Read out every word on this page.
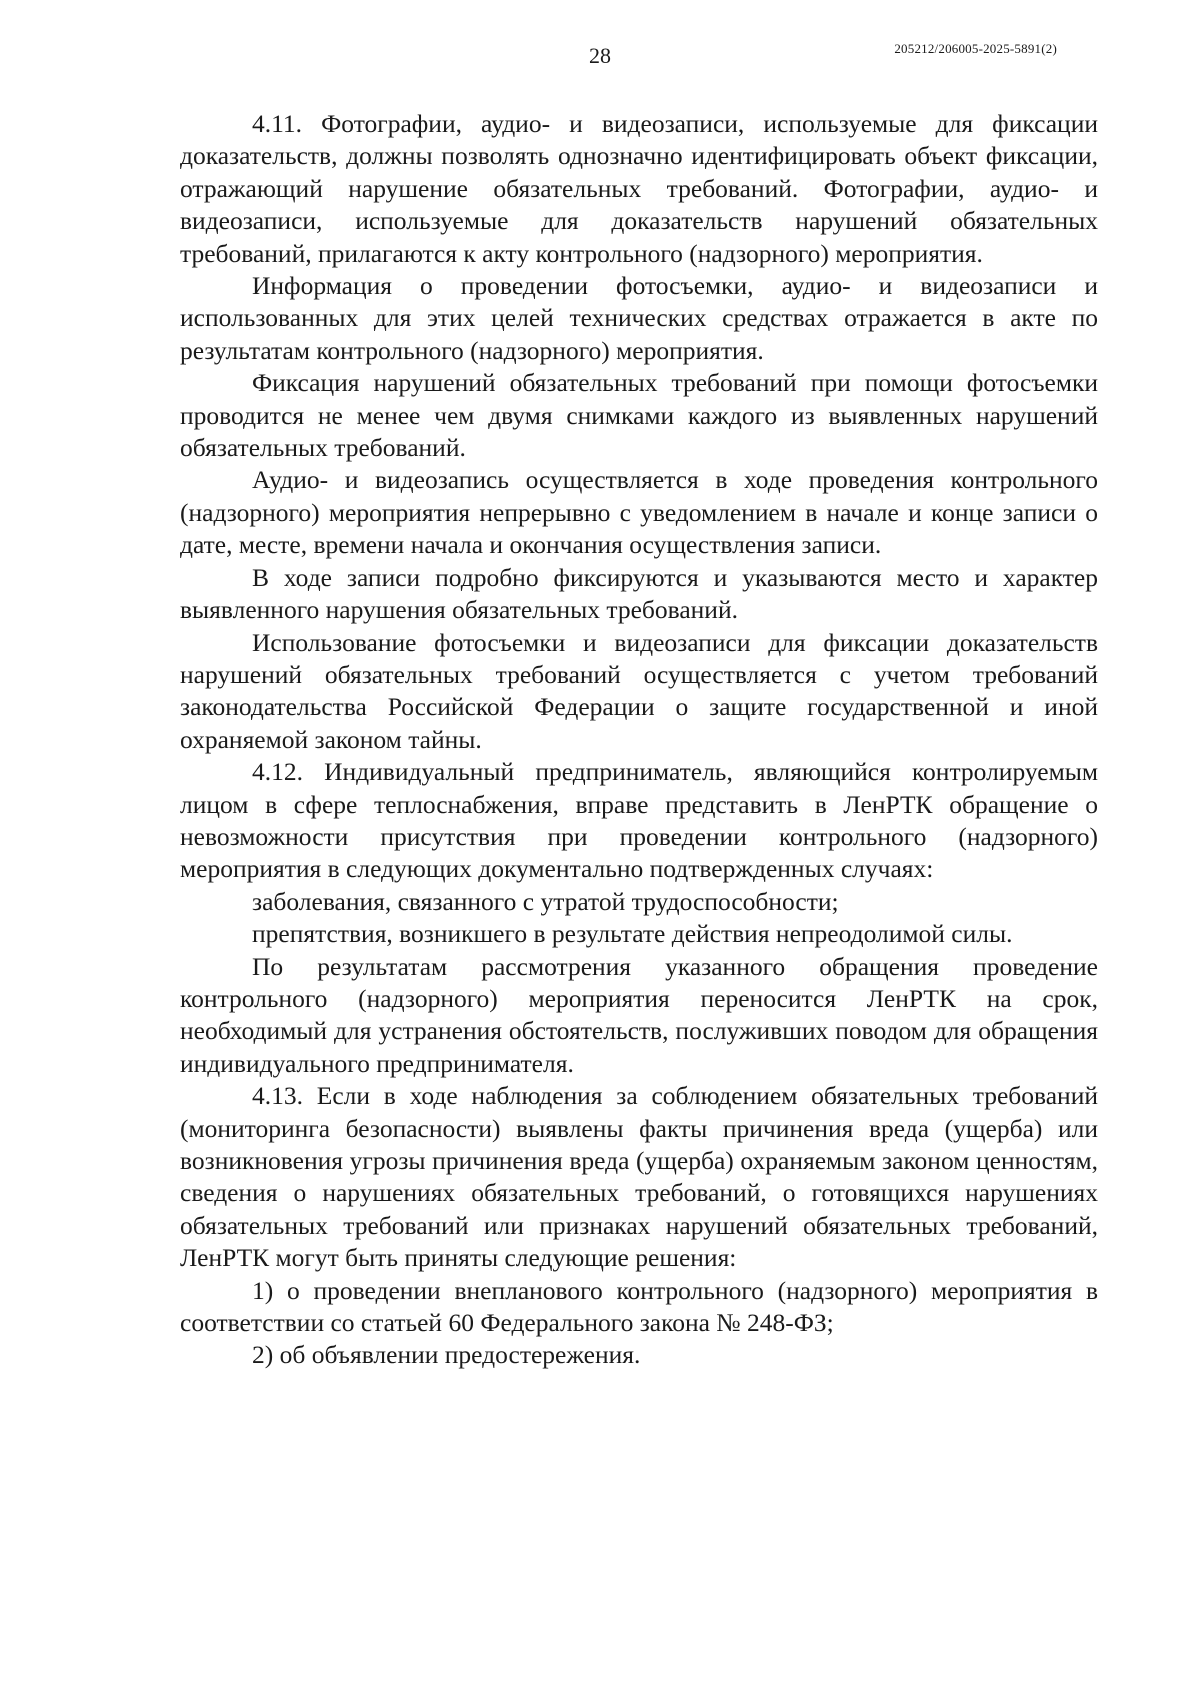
28	205212/206005-2025-5891(2)

4.11. Фотографии, аудио- и видеозаписи, используемые для фиксации доказательств, должны позволять однозначно идентифицировать объект фиксации, отражающий нарушение обязательных требований. Фотографии, аудио- и видеозаписи, используемые для доказательств нарушений обязательных требований, прилагаются к акту контрольного (надзорного) мероприятия.

Информация о проведении фотосъемки, аудио- и видеозаписи и использованных для этих целей технических средствах отражается в акте по результатам контрольного (надзорного) мероприятия.

Фиксация нарушений обязательных требований при помощи фотосъемки проводится не менее чем двумя снимками каждого из выявленных нарушений обязательных требований.

Аудио- и видеозапись осуществляется в ходе проведения контрольного (надзорного) мероприятия непрерывно с уведомлением в начале и конце записи о дате, месте, времени начала и окончания осуществления записи.

В ходе записи подробно фиксируются и указываются место и характер выявленного нарушения обязательных требований.

Использование фотосъемки и видеозаписи для фиксации доказательств нарушений обязательных требований осуществляется с учетом требований законодательства Российской Федерации о защите государственной и иной охраняемой законом тайны.

4.12. Индивидуальный предприниматель, являющийся контролируемым лицом в сфере теплоснабжения, вправе представить в ЛенРТК обращение о невозможности присутствия при проведении контрольного (надзорного) мероприятия в следующих документально подтвержденных случаях:

заболевания, связанного с утратой трудоспособности;

препятствия, возникшего в результате действия непреодолимой силы.

По результатам рассмотрения указанного обращения проведение контрольного (надзорного) мероприятия переносится ЛенРТК на срок, необходимый для устранения обстоятельств, послуживших поводом для обращения индивидуального предпринимателя.

4.13. Если в ходе наблюдения за соблюдением обязательных требований (мониторинга безопасности) выявлены факты причинения вреда (ущерба) или возникновения угрозы причинения вреда (ущерба) охраняемым законом ценностям, сведения о нарушениях обязательных требований, о готовящихся нарушениях обязательных требований или признаках нарушений обязательных требований, ЛенРТК могут быть приняты следующие решения:

1) о проведении внепланового контрольного (надзорного) мероприятия в соответствии со статьей 60 Федерального закона № 248-ФЗ;

2) об объявлении предостережения.
